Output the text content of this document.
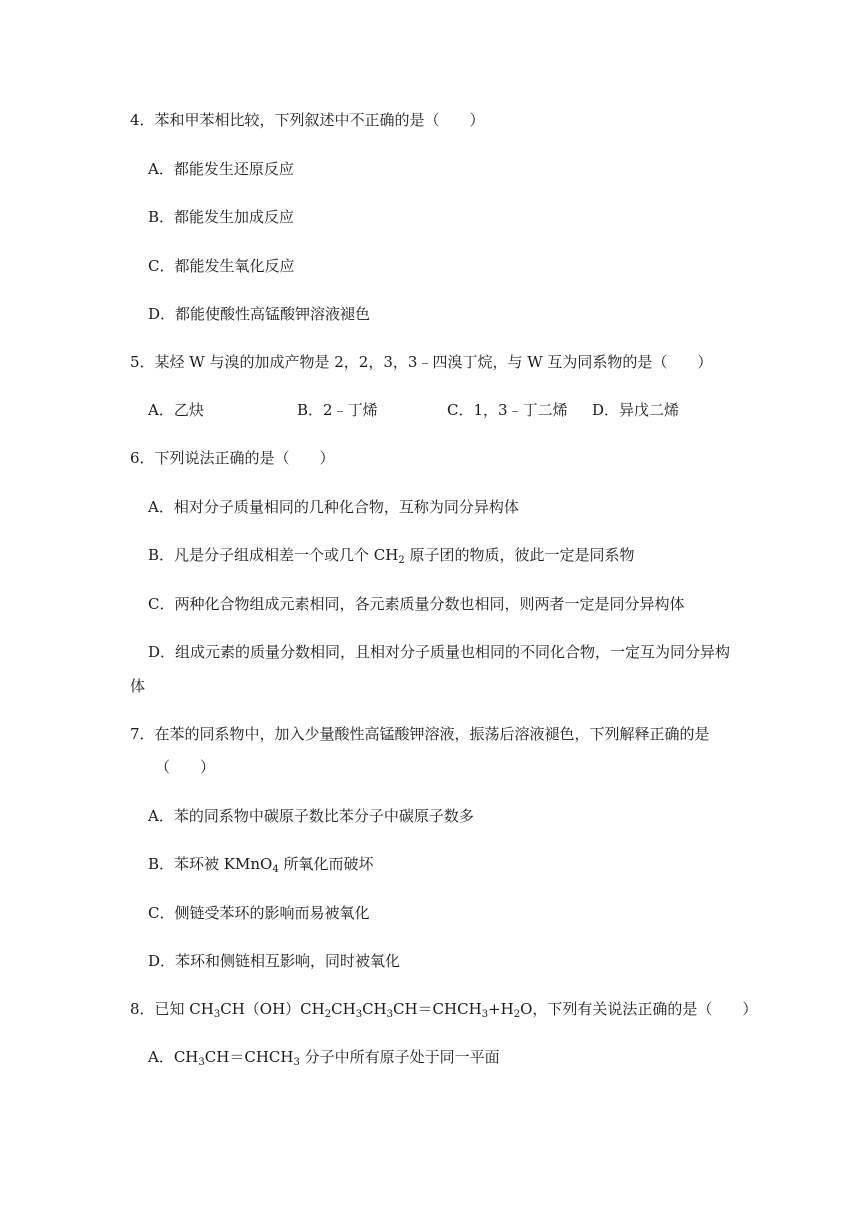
4．苯和甲苯相比较，下列叙述中不正确的是（　　）
A．都能发生还原反应
B．都能发生加成反应
C．都能发生氧化反应
D．都能使酸性高锰酸钾溶液褪色
5．某烃 W 与溴的加成产物是 2，2，3，3﹣四溴丁烷，与 W 互为同系物的是（　　）
A．乙炔	B．2﹣丁烯	C．1，3﹣丁二烯 D．异戊二烯
6．下列说法正确的是（　　）
A．相对分子质量相同的几种化合物，互称为同分异构体
B．凡是分子组成相差一个或几个 $CH_2$ 原子团的物质，彼此一定是同系物
C．两种化合物组成元素相同，各元素质量分数也相同，则两者一定是同分异构体
D．组成元素的质量分数相同，且相对分子质量也相同的不同化合物，一定互为同分异构
体
7．在苯的同系物中，加入少量酸性高锰酸钾溶液，振荡后溶液褪色，下列解释正确的是
（　　）
A．苯的同系物中碳原子数比苯分子中碳原子数多
B．苯环被 KMnO$_4$ 所氧化而破坏
C．侧链受苯环的影响而易被氧化
D．苯环和侧链相互影响，同时被氧化
8．已知 $CH_3CH(OH)CH_2CH_3CH_3CH=CHCH_3+H_2O$，下列有关说法正确的是（　　）
A．$CH_3CH=CHCH_3$ 分子中所有原子处于同一平面
